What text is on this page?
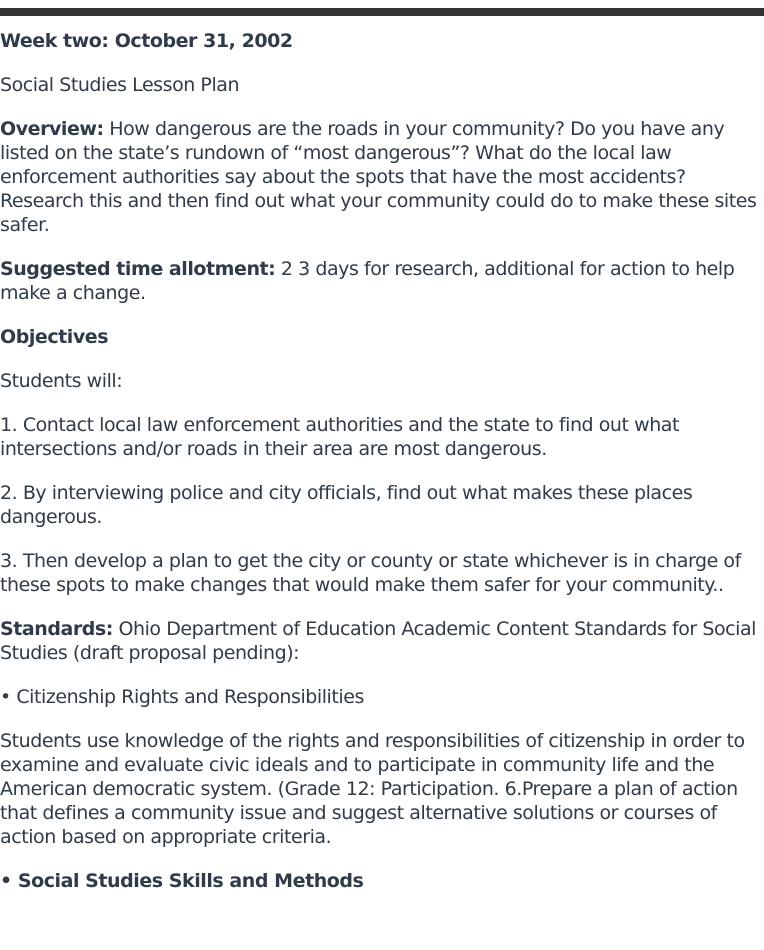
Week two: October 31, 2002

Social Studies Lesson Plan

Overview: How dangerous are the roads in your community? Do you have any listed on the state’s rundown of “most dangerous”? What do the local law enforcement authorities say about the spots that have the most accidents? Research this and then find out what your community could do to make these sites safer.

Suggested time allotment: 2 3 days for research, additional for action to help make a change.

Objectives

Students will:

1. Contact local law enforcement authorities and the state to find out what intersections and/or roads in their area are most dangerous.

2. By interviewing police and city officials, find out what makes these places dangerous.

3. Then develop a plan to get the city or county or state whichever is in charge of these spots to make changes that would make them safer for your community..

Standards: Ohio Department of Education Academic Content Standards for Social Studies (draft proposal pending):

• Citizenship Rights and Responsibilities

Students use knowledge of the rights and responsibilities of citizenship in order to examine and evaluate civic ideals and to participate in community life and the American democratic system. (Grade 12: Participation. 6.Prepare a plan of action that defines a community issue and suggest alternative solutions or courses of action based on appropriate criteria.

• Social Studies Skills and Methods
